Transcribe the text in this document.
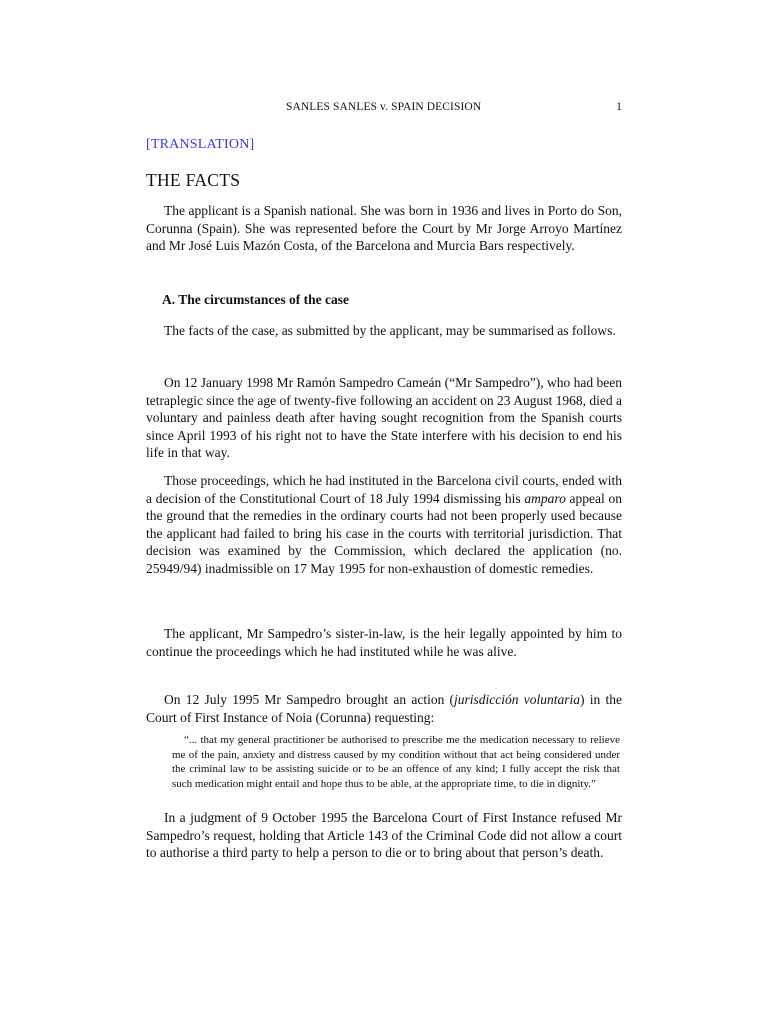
SANLES SANLES v. SPAIN DECISION	1
[TRANSLATION]
THE FACTS

The applicant is a Spanish national. She was born in 1936 and lives in Porto do Son, Corunna (Spain). She was represented before the Court by Mr Jorge Arroyo Martínez and Mr José Luis Mazón Costa, of the Barcelona and Murcia Bars respectively.

A. The circumstances of the case

The facts of the case, as submitted by the applicant, may be summarised as follows.

On 12 January 1998 Mr Ramón Sampedro Cameán (“Mr Sampedro”), who had been tetraplegic since the age of twenty-five following an accident on 23 August 1968, died a voluntary and painless death after having sought recognition from the Spanish courts since April 1993 of his right not to have the State interfere with his decision to end his life in that way.

Those proceedings, which he had instituted in the Barcelona civil courts, ended with a decision of the Constitutional Court of 18 July 1994 dismissing his amparo appeal on the ground that the remedies in the ordinary courts had not been properly used because the applicant had failed to bring his case in the courts with territorial jurisdiction. That decision was examined by the Commission, which declared the application (no. 25949/94) inadmissible on 17 May 1995 for non-exhaustion of domestic remedies.

The applicant, Mr Sampedro’s sister-in-law, is the heir legally appointed by him to continue the proceedings which he had instituted while he was alive.

On 12 July 1995 Mr Sampedro brought an action (jurisdicción voluntaria) in the Court of First Instance of Noia (Corunna) requesting:

“... that my general practitioner be authorised to prescribe me the medication necessary to relieve me of the pain, anxiety and distress caused by my condition without that act being considered under the criminal law to be assisting suicide or to be an offence of any kind; I fully accept the risk that such medication might entail and hope thus to be able, at the appropriate time, to die in dignity.”

In a judgment of 9 October 1995 the Barcelona Court of First Instance refused Mr Sampedro’s request, holding that Article 143 of the Criminal Code did not allow a court to authorise a third party to help a person to die or to bring about that person’s death.
